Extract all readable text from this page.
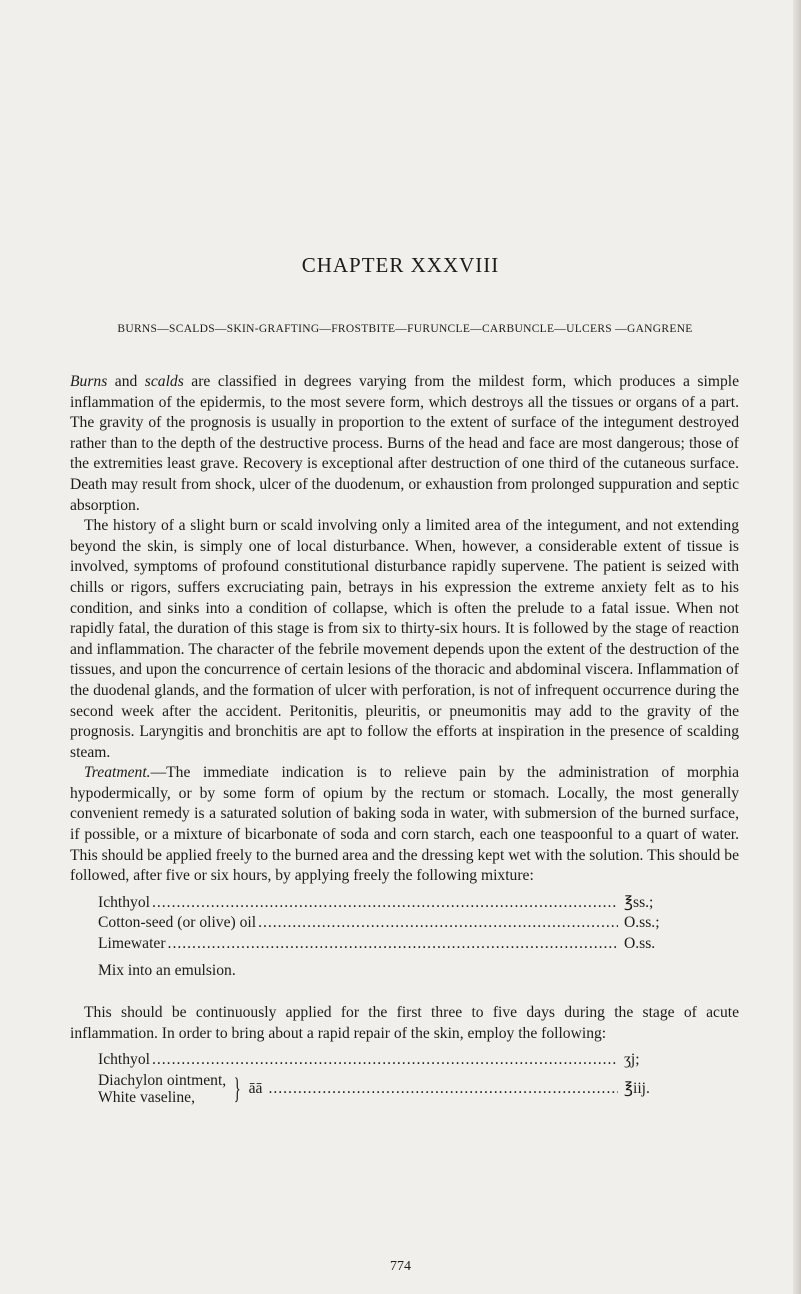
CHAPTER XXXVIII
BURNS—SCALDS—SKIN-GRAFTING—FROSTBITE—FURUNCLE—CARBUNCLE—ULCERS —GANGRENE

Burns and scalds are classified in degrees varying from the mildest form, which produces a simple inflammation of the epidermis, to the most severe form, which destroys all the tissues or organs of a part. The gravity of the prognosis is usually in proportion to the extent of surface of the integument destroyed rather than to the depth of the destructive process. Burns of the head and face are most dangerous; those of the extremities least grave. Recovery is exceptional after destruction of one third of the cutaneous surface. Death may result from shock, ulcer of the duodenum, or exhaustion from prolonged suppuration and septic absorption.

The history of a slight burn or scald involving only a limited area of the integument, and not extending beyond the skin, is simply one of local disturbance. When, however, a considerable extent of tissue is involved, symptoms of profound constitutional disturbance rapidly supervene. The patient is seized with chills or rigors, suffers excruciating pain, betrays in his expression the extreme anxiety felt as to his condition, and sinks into a condition of collapse, which is often the prelude to a fatal issue. When not rapidly fatal, the duration of this stage is from six to thirty-six hours. It is followed by the stage of reaction and inflammation. The character of the febrile movement depends upon the extent of the destruction of the tissues, and upon the concurrence of certain lesions of the thoracic and abdominal viscera. Inflammation of the duodenal glands, and the formation of ulcer with perforation, is not of infrequent occurrence during the second week after the accident. Peritonitis, pleuritis, or pneumonitis may add to the gravity of the prognosis. Laryngitis and bronchitis are apt to follow the efforts at inspiration in the presence of scalding steam.

Treatment.—The immediate indication is to relieve pain by the administration of morphia hypodermically, or by some form of opium by the rectum or stomach. Locally, the most generally convenient remedy is a saturated solution of baking soda in water, with submersion of the burned surface, if possible, or a mixture of bicarbonate of soda and corn starch, each one teaspoonful to a quart of water. This should be applied freely to the burned area and the dressing kept wet with the solution. This should be followed, after five or six hours, by applying freely the following mixture:

Ichthyol .....	℥ss.;
Cotton-seed (or olive) oil .....	O.ss.;
Limewater .....	O.ss.
Mix into an emulsion.

This should be continuously applied for the first three to five days during the stage of acute inflammation. In order to bring about a rapid repair of the skin, employ the following:

Ichthyol .....	ʒj;
Diachylon ointment,
White vaseline,	} āā .....	℥iij.
774
